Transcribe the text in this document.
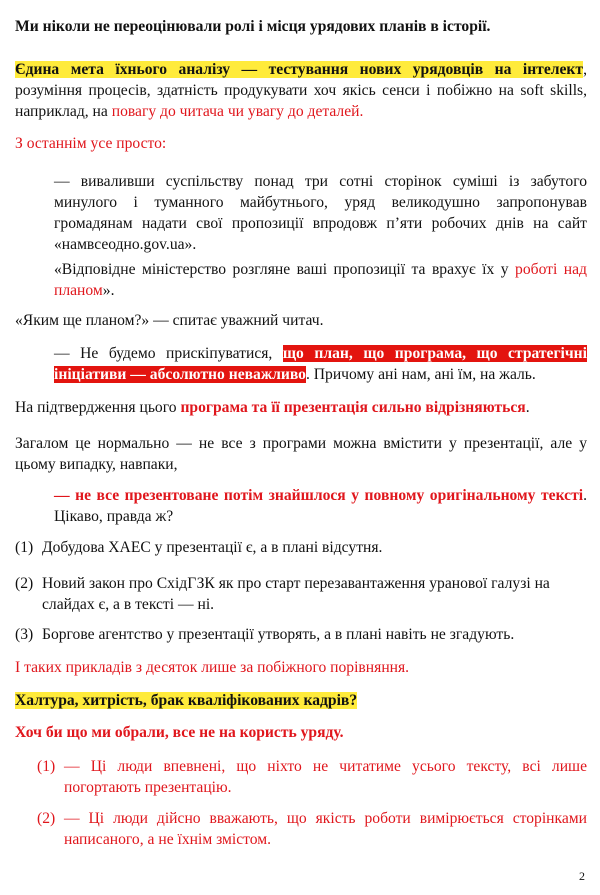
Ми ніколи не переоцінювали ролі і місця урядових планів в історії.

Єдина мета їхнього аналізу — тестування нових урядовців на інтелект, розуміння процесів, здатність продукувати хоч якісь сенси і побіжно на soft skills, наприклад, на повагу до читача чи увагу до деталей.

З останнім усе просто:

— виваливши суспільству понад три сотні сторінок суміші із забутого минулого і туманного майбутнього, уряд великодушно запропонував громадянам надати свої пропозиції впродовж п’яти робочих днів на сайт «намвсеодно.gov.ua».

«Відповідне міністерство розгляне ваші пропозиції та врахує їх у роботі над планом».

«Яким ще планом?» — спитає уважний читач.

— Не будемо прискіпуватися, що план, що програма, що стратегічні ініціативи — абсолютно неважливо. Причому ані нам, ані їм, на жаль.

На підтвердження цього програма та її презентація сильно відрізняються.

Загалом це нормально — не все з програми можна вмістити у презентації, але у цьому випадку, навпаки,

— не все презентоване потім знайшлося у повному оригінальному тексті. Цікаво, правда ж?

(1) Добудова ХАЕС у презентації є, а в плані відсутня.

(2) Новий закон про СхідГЗК як про старт перезавантаження уранової галузі на слайдах є, а в тексті — ні.

(3) Боргове агентство у презентації утворять, а в плані навіть не згадують.

І таких прикладів з десяток лише за побіжного порівняння.

Халтура, хитрість, брак кваліфікованих кадрів?

Хоч би що ми обрали, все не на користь уряду.

(1) — Ці люди впевнені, що ніхто не читатиме усього тексту, всі лише погортають презентацію.

(2) — Ці люди дійсно вважають, що якість роботи вимірюється сторінками написаного, а не їхнім змістом.

2
